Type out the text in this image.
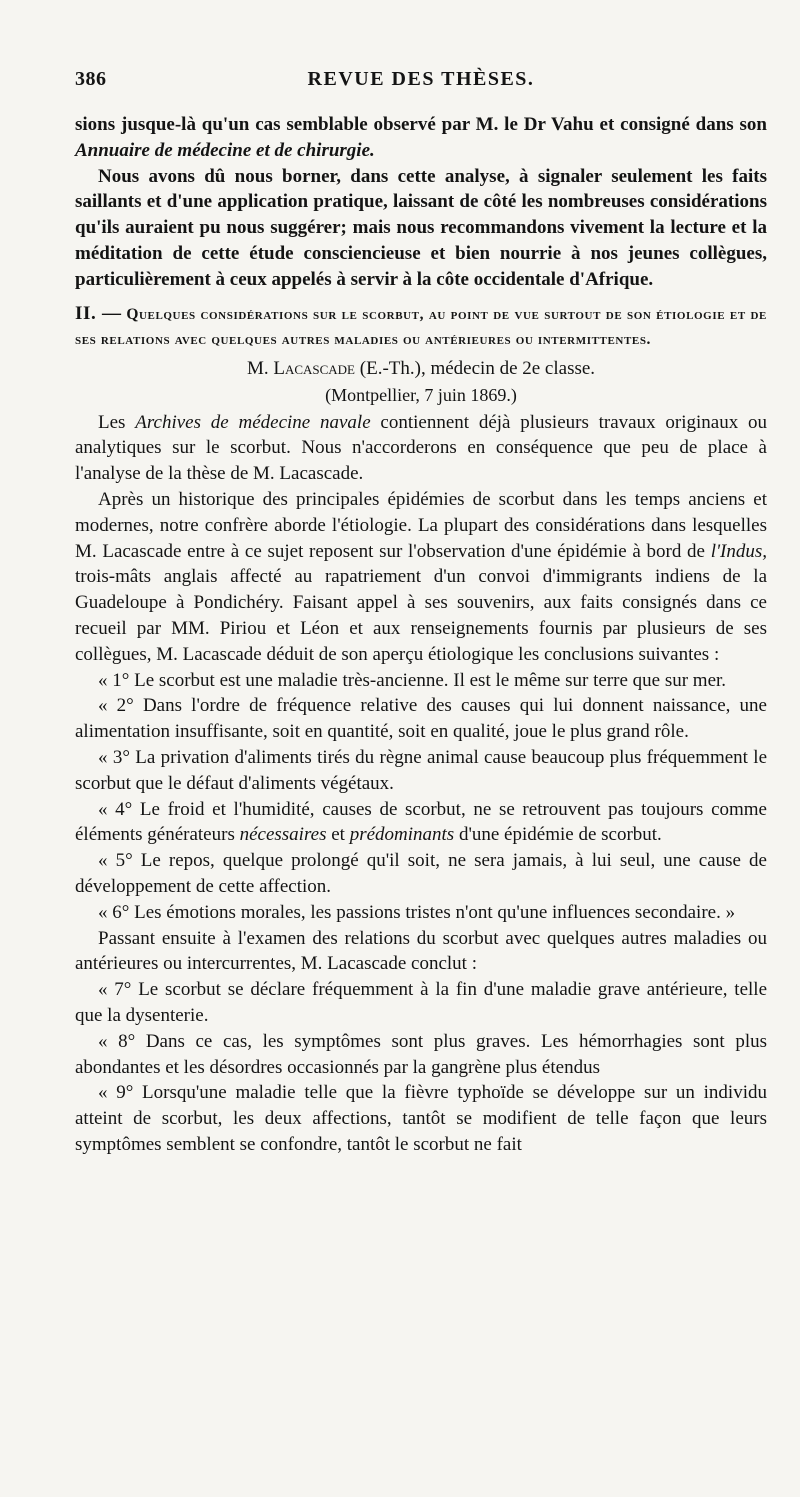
386	REVUE DES THÈSES.

sions jusque-là qu'un cas semblable observé par M. le Dr Vahu et consigné dans son Annuaire de médecine et de chirurgie.

Nous avons dû nous borner, dans cette analyse, à signaler seulement les faits saillants et d'une application pratique, laissant de côté les nombreuses considérations qu'ils auraient pu nous suggérer; mais nous recommandons vivement la lecture et la méditation de cette étude consciencieuse et bien nourrie à nos jeunes collègues, particulièrement à ceux appelés à servir à la côte occidentale d'Afrique.

II. — Quelques considérations sur le scorbut, au point de vue surtout de son étiologie et de ses relations avec quelques autres maladies ou antérieures ou intermittentes.
M. Lacascade (E.-Th.), médecin de 2e classe.
(Montpellier, 7 juin 1869.)

Les Archives de médecine navale contiennent déjà plusieurs travaux originaux ou analytiques sur le scorbut. Nous n'accorderons en conséquence que peu de place à l'analyse de la thèse de M. Lacascade.

Après un historique des principales épidémies de scorbut dans les temps anciens et modernes, notre confrère aborde l'étiologie. La plupart des considérations dans lesquelles M. Lacascade entre à ce sujet reposent sur l'observation d'une épidémie à bord de l'Indus, trois-mâts anglais affecté au rapatriement d'un convoi d'immigrants indiens de la Guadeloupe à Pondichéry. Faisant appel à ses souvenirs, aux faits consignés dans ce recueil par MM. Piriou et Léon et aux renseignements fournis par plusieurs de ses collègues, M. Lacascade déduit de son aperçu étiologique les conclusions suivantes :

« 1° Le scorbut est une maladie très-ancienne. Il est le même sur terre que sur mer.

« 2° Dans l'ordre de fréquence relative des causes qui lui donnent naissance, une alimentation insuffisante, soit en quantité, soit en qualité, joue le plus grand rôle.

« 3° La privation d'aliments tirés du règne animal cause beaucoup plus fréquemment le scorbut que le défaut d'aliments végétaux.

« 4° Le froid et l'humidité, causes de scorbut, ne se retrouvent pas toujours comme éléments générateurs nécessaires et prédominants d'une épidémie de scorbut.

« 5° Le repos, quelque prolongé qu'il soit, ne sera jamais, à lui seul, une cause de développement de cette affection.

« 6° Les émotions morales, les passions tristes n'ont qu'une influences secondaire. »

Passant ensuite à l'examen des relations du scorbut avec quelques autres maladies ou antérieures ou intercurrentes, M. Lacascade conclut :

« 7° Le scorbut se déclare fréquemment à la fin d'une maladie grave antérieure, telle que la dysenterie.

« 8° Dans ce cas, les symptômes sont plus graves. Les hémorrhagies sont plus abondantes et les désordres occasionnés par la gangrène plus étendus

« 9° Lorsqu'une maladie telle que la fièvre typhoïde se développe sur un individu atteint de scorbut, les deux affections, tantôt se modifient de telle façon que leurs symptômes semblent se confondre, tantôt le scorbut ne fait
